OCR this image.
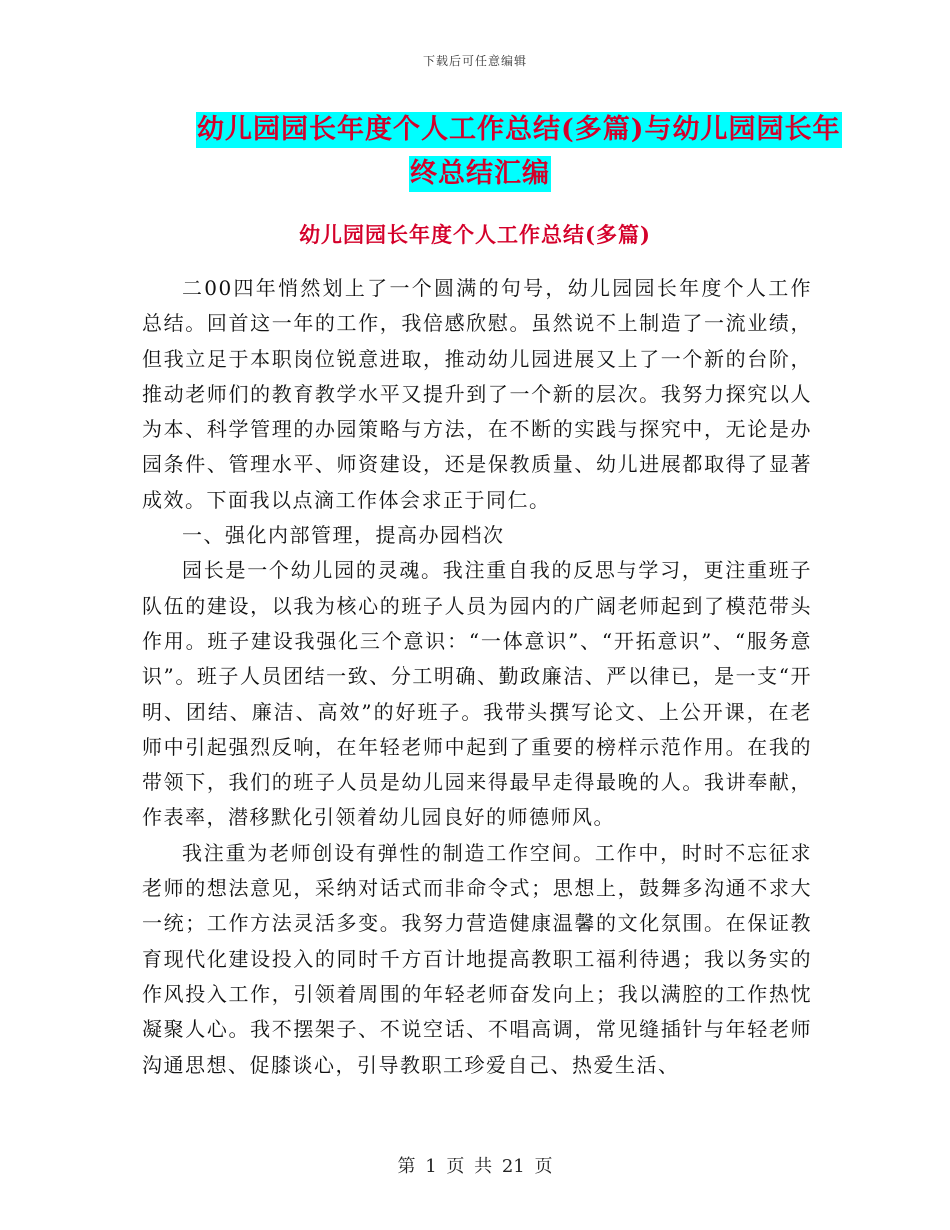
下载后可任意编辑
幼儿园园长年度个人工作总结(多篇)与幼儿园园长年
终总结汇编
幼儿园园长年度个人工作总结(多篇)

二00四年悄然划上了一个圆满的句号，幼儿园园长年度个人工作总结。回首这一年的工作，我倍感欣慰。虽然说不上制造了一流业绩，但我立足于本职岗位锐意进取，推动幼儿园进展又上了一个新的台阶，推动老师们的教育教学水平又提升到了一个新的层次。我努力探究以人为本、科学管理的办园策略与方法，在不断的实践与探究中，无论是办园条件、管理水平、师资建设，还是保教质量、幼儿进展都取得了显著成效。下面我以点滴工作体会求正于同仁。

一、强化内部管理，提高办园档次

园长是一个幼儿园的灵魂。我注重自我的反思与学习，更注重班子队伍的建设，以我为核心的班子人员为园内的广阔老师起到了模范带头作用。班子建设我强化三个意识：“一体意识”、“开拓意识”、“服务意识”。班子人员团结一致、分工明确、勤政廉洁、严以律已，是一支“开明、团结、廉洁、高效”的好班子。我带头撰写论文、上公开课，在老师中引起强烈反响，在年轻老师中起到了重要的榜样示范作用。在我的带领下，我们的班子人员是幼儿园来得最早走得最晚的人。我讲奉献，作表率，潜移默化引领着幼儿园良好的师德师风。

我注重为老师创设有弹性的制造工作空间。工作中，时时不忘征求老师的想法意见，采纳对话式而非命令式；思想上，鼓舞多沟通不求大一统；工作方法灵活多变。我努力营造健康温馨的文化氛围。在保证教育现代化建设投入的同时千方百计地提高教职工福利待遇；我以务实的作风投入工作，引领着周围的年轻老师奋发向上；我以满腔的工作热忱凝聚人心。我不摆架子、不说空话、不唱高调，常见缝插针与年轻老师沟通思想、促膝谈心，引导教职工珍爱自己、热爱生活、

第 1 页 共 21 页
